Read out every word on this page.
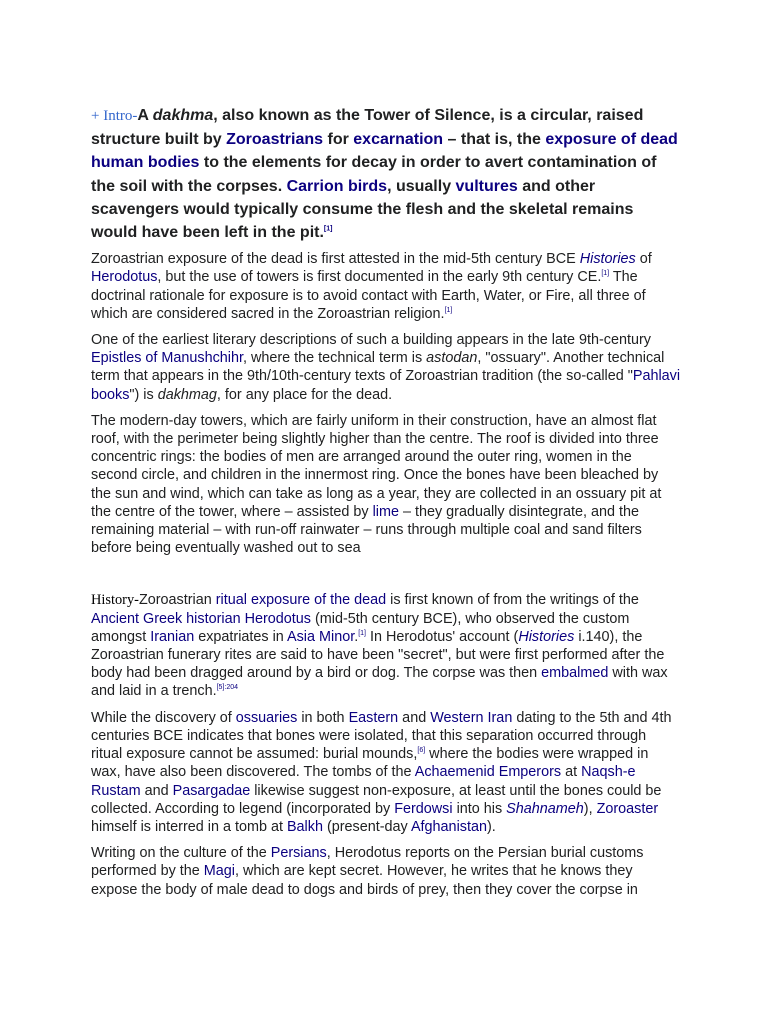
+ Intro-A dakhma, also known as the Tower of Silence, is a circular, raised structure built by Zoroastrians for excarnation – that is, the exposure of dead human bodies to the elements for decay in order to avert contamination of the soil with the corpses. Carrion birds, usually vultures and other scavengers would typically consume the flesh and the skeletal remains would have been left in the pit.[1]

Zoroastrian exposure of the dead is first attested in the mid-5th century BCE Histories of Herodotus, but the use of towers is first documented in the early 9th century CE.[1] The doctrinal rationale for exposure is to avoid contact with Earth, Water, or Fire, all three of which are considered sacred in the Zoroastrian religion.[1]

One of the earliest literary descriptions of such a building appears in the late 9th-century Epistles of Manushchihr, where the technical term is astodan, "ossuary". Another technical term that appears in the 9th/10th-century texts of Zoroastrian tradition (the so-called "Pahlavi books") is dakhmag, for any place for the dead.

The modern-day towers, which are fairly uniform in their construction, have an almost flat roof, with the perimeter being slightly higher than the centre. The roof is divided into three concentric rings: the bodies of men are arranged around the outer ring, women in the second circle, and children in the innermost ring. Once the bones have been bleached by the sun and wind, which can take as long as a year, they are collected in an ossuary pit at the centre of the tower, where – assisted by lime – they gradually disintegrate, and the remaining material – with run-off rainwater – runs through multiple coal and sand filters before being eventually washed out to sea

History-Zoroastrian ritual exposure of the dead is first known of from the writings of the Ancient Greek historian Herodotus (mid-5th century BCE), who observed the custom amongst Iranian expatriates in Asia Minor.[1] In Herodotus' account (Histories i.140), the Zoroastrian funerary rites are said to have been "secret", but were first performed after the body had been dragged around by a bird or dog. The corpse was then embalmed with wax and laid in a trench.$^{[5]:204}$

While the discovery of ossuaries in both Eastern and Western Iran dating to the 5th and 4th centuries BCE indicates that bones were isolated, that this separation occurred through ritual exposure cannot be assumed: burial mounds,[6] where the bodies were wrapped in wax, have also been discovered. The tombs of the Achaemenid Emperors at Naqsh-e Rustam and Pasargadae likewise suggest non-exposure, at least until the bones could be collected. According to legend (incorporated by Ferdowsi into his Shahnameh), Zoroaster himself is interred in a tomb at Balkh (present-day Afghanistan).

Writing on the culture of the Persians, Herodotus reports on the Persian burial customs performed by the Magi, which are kept secret. However, he writes that he knows they expose the body of male dead to dogs and birds of prey, then they cover the corpse in
